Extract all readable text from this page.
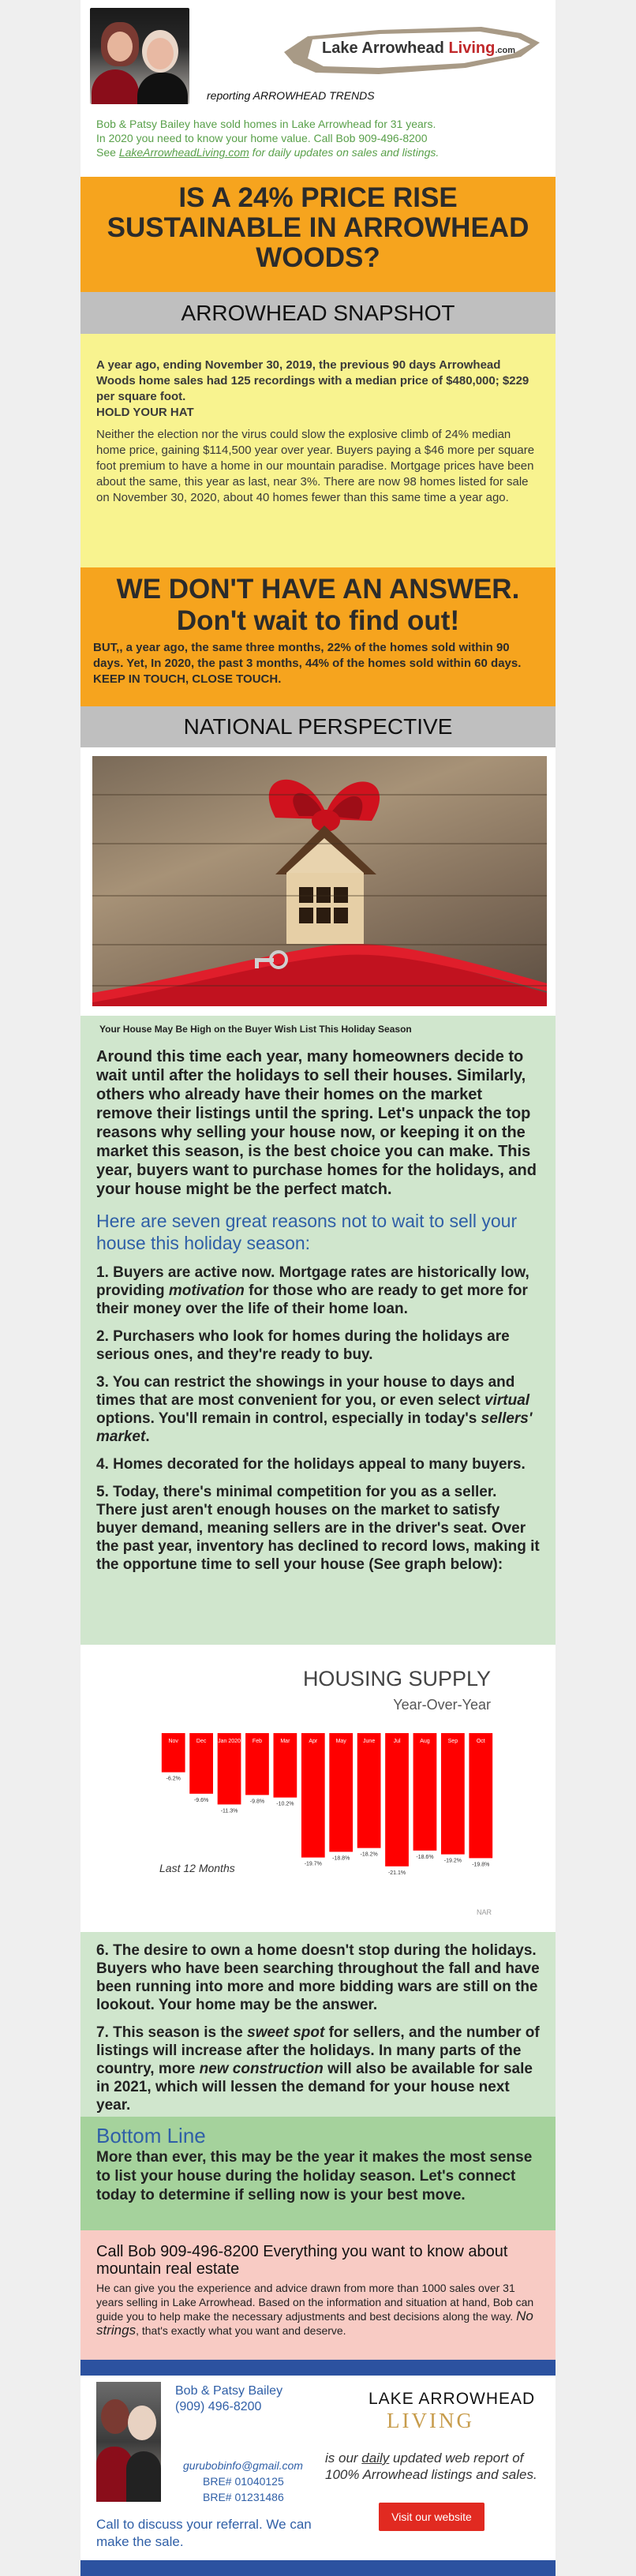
Lake Arrowhead Living.com
reporting ARROWHEAD TRENDS
Bob & Patsy Bailey have sold homes in Lake Arrowhead for 31 years.
In 2020 you need to know your home value. Call Bob 909-496-8200
See LakeArrowheadLiving.com for daily updates on sales and listings.
IS A 24% PRICE RISE SUSTAINABLE IN ARROWHEAD WOODS?
ARROWHEAD SNAPSHOT

A year ago, ending November 30, 2019, the previous 90 days Arrowhead Woods home sales had 125 recordings with a median price of $480,000; $229 per square foot.
HOLD YOUR HAT

Neither the election nor the virus could slow the explosive climb of 24% median home price, gaining $114,500 year over year. Buyers paying a $46 more per square foot premium to have a home in our mountain paradise. Mortgage prices have been about the same, this year as last, near 3%. There are now 98 homes listed for sale on November 30, 2020, about 40 homes fewer than this same time a year ago.

WE DON'T HAVE AN ANSWER.
Don't wait to find out!

BUT,, a year ago, the same three months, 22% of the homes sold within 90 days. Yet, In 2020, the past 3 months, 44% of the homes sold within 60 days. KEEP IN TOUCH, CLOSE TOUCH.

NATIONAL PERSPECTIVE
Your House May Be High on the Buyer Wish List This Holiday Season

Around this time each year, many homeowners decide to wait until after the holidays to sell their houses. Similarly, others who already have their homes on the market remove their listings until the spring. Let's unpack the top reasons why selling your house now, or keeping it on the market this season, is the best choice you can make. This year, buyers want to purchase homes for the holidays, and your house might be the perfect match.

Here are seven great reasons not to wait to sell your house this holiday season:

1. Buyers are active now. Mortgage rates are historically low, providing motivation for those who are ready to get more for their money over the life of their home loan.

2. Purchasers who look for homes during the holidays are serious ones, and they're ready to buy.

3. You can restrict the showings in your house to days and times that are most convenient for you, or even select virtual options. You'll remain in control, especially in today's sellers' market.

4. Homes decorated for the holidays appeal to many buyers.

5. Today, there's minimal competition for you as a seller. There just aren't enough houses on the market to satisfy buyer demand, meaning sellers are in the driver's seat. Over the past year, inventory has declined to record lows, making it the opportune time to sell your house (See graph below):

HOUSING SUPPLY
Year-Over-Year
Nov
-6.2%
Dec
-9.6%
Jan 2020
-11.3%
Feb
-9.8%
Mar
-10.2%
Apr
-19.7%
May
-18.8%
June
-18.2%
Jul
-21.1%
Aug
-18.6%
Sep
-19.2%
Oct
-19.8%
Last 12 Months
NAR

6. The desire to own a home doesn't stop during the holidays. Buyers who have been searching throughout the fall and have been running into more and more bidding wars are still on the lookout. Your home may be the answer.

7. This season is the sweet spot for sellers, and the number of listings will increase after the holidays. In many parts of the country, more new construction will also be available for sale in 2021, which will lessen the demand for your house next year.

Bottom Line

More than ever, this may be the year it makes the most sense to list your house during the holiday season. Let's connect today to determine if selling now is your best move.

Call Bob 909-496-8200 Everything you want to know about mountain real estate
He can give you the experience and advice drawn from more than 1000 sales over 31 years selling in Lake Arrowhead. Based on the information and situation at hand, Bob can guide you to help make the necessary adjustments and best decisions along the way. No strings, that's exactly what you want and deserve.
Bob & Patsy Bailey
(909) 496-8200
gurubobinfo@gmail.com
BRE# 01040125
BRE# 01231486
Call to discuss your referral. We can make the sale.
LAKE ARROWHEAD
LIVING
is our daily updated web report of 100% Arrowhead listings and sales.
Visit our website
